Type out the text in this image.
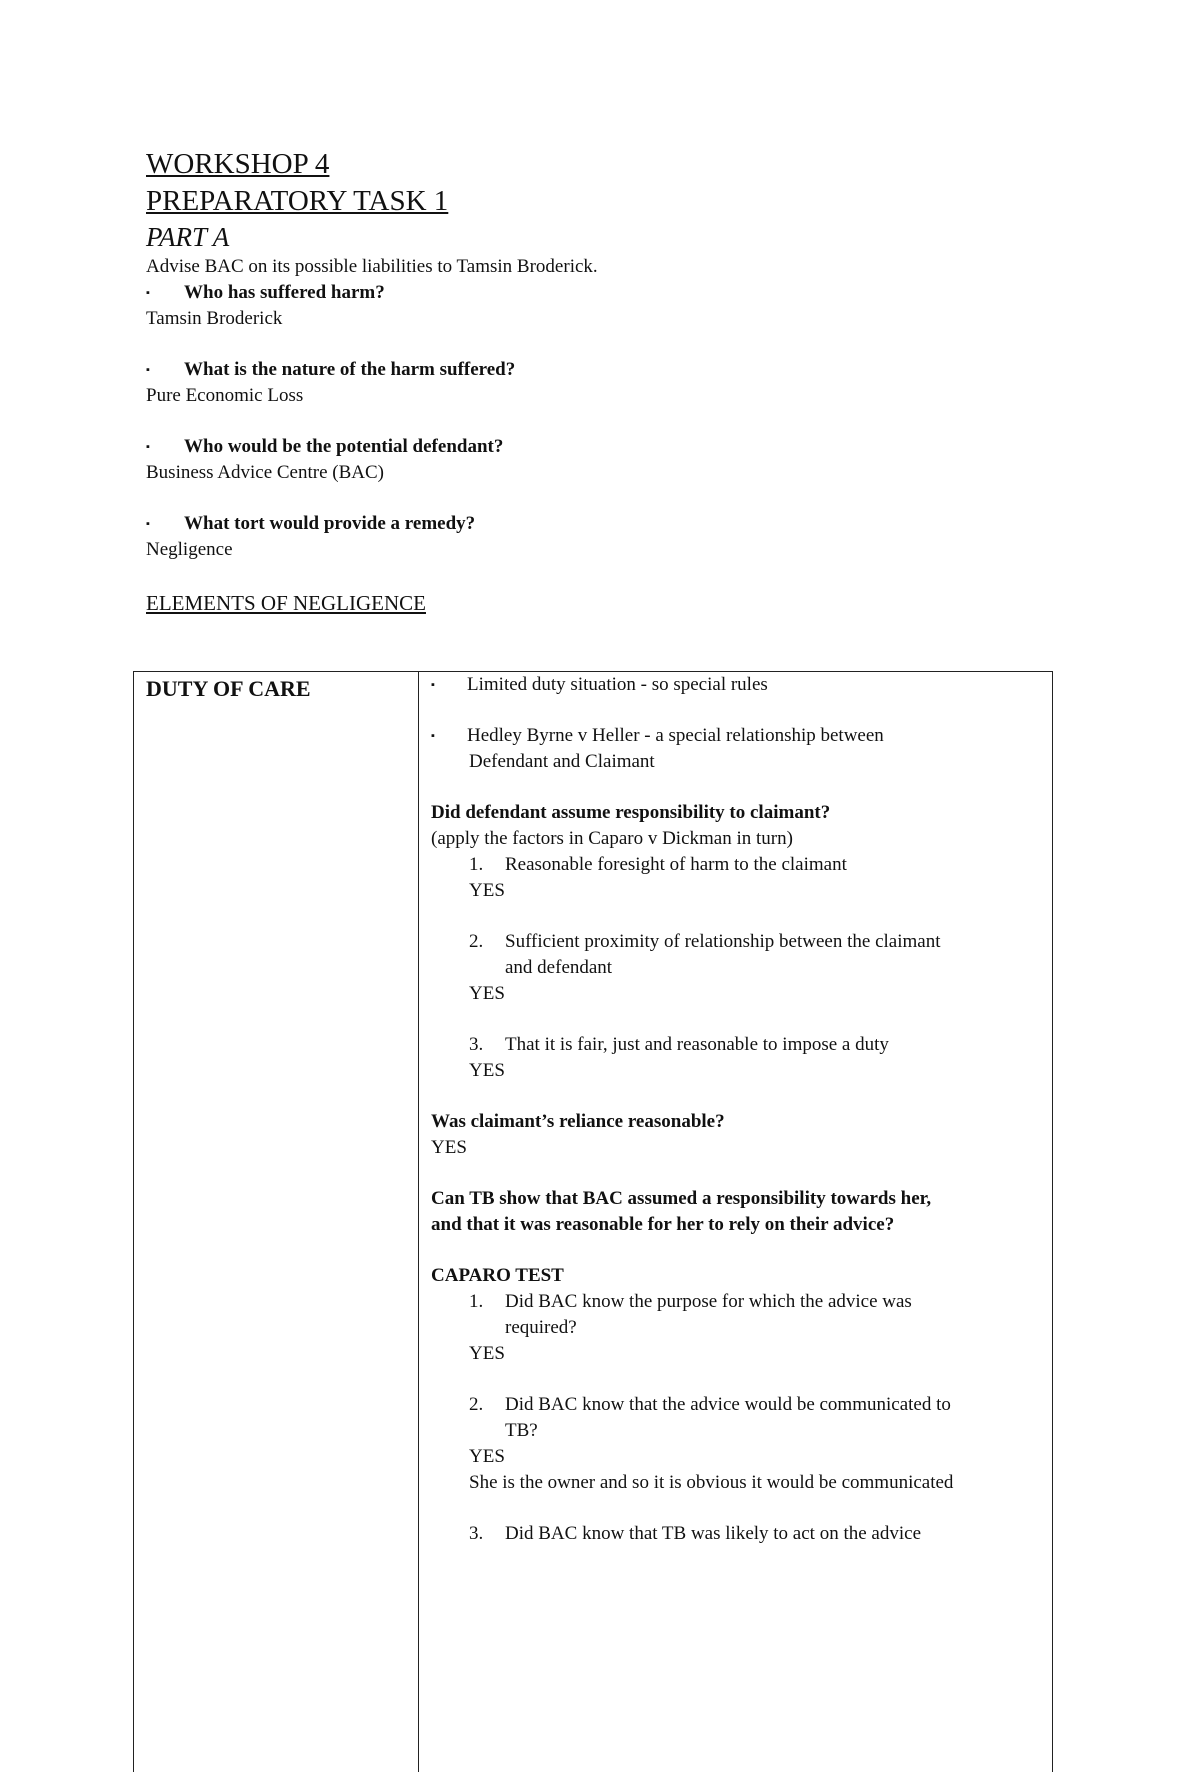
WORKSHOP 4
PREPARATORY TASK 1
PART A
Advise BAC on its possible liabilities to Tamsin Broderick.
▪	Who has suffered harm?
Tamsin Broderick
▪	What is the nature of the harm suffered?
Pure Economic Loss
▪	Who would be the potential defendant?
Business Advice Centre (BAC)
▪	What tort would provide a remedy?
Negligence
ELEMENTS OF NEGLIGENCE
DUTY OF CARE	▪	Limited duty situation - so special rules
▪	Hedley Byrne v Heller - a special relationship between
Defendant and Claimant
Did defendant assume responsibility to claimant?
(apply the factors in Caparo v Dickman in turn)
1.	Reasonable foresight of harm to the claimant
YES
2.	Sufficient proximity of relationship between the claimant
and defendant
YES
3.	That it is fair, just and reasonable to impose a duty
YES
Was claimant’s reliance reasonable?
YES
Can TB show that BAC assumed a responsibility towards her,
and that it was reasonable for her to rely on their advice?
CAPARO TEST
1.	Did BAC know the purpose for which the advice was
required?
YES
2.	Did BAC know that the advice would be communicated to
TB?
YES
She is the owner and so it is obvious it would be communicated
3.	Did BAC know that TB was likely to act on the advice
